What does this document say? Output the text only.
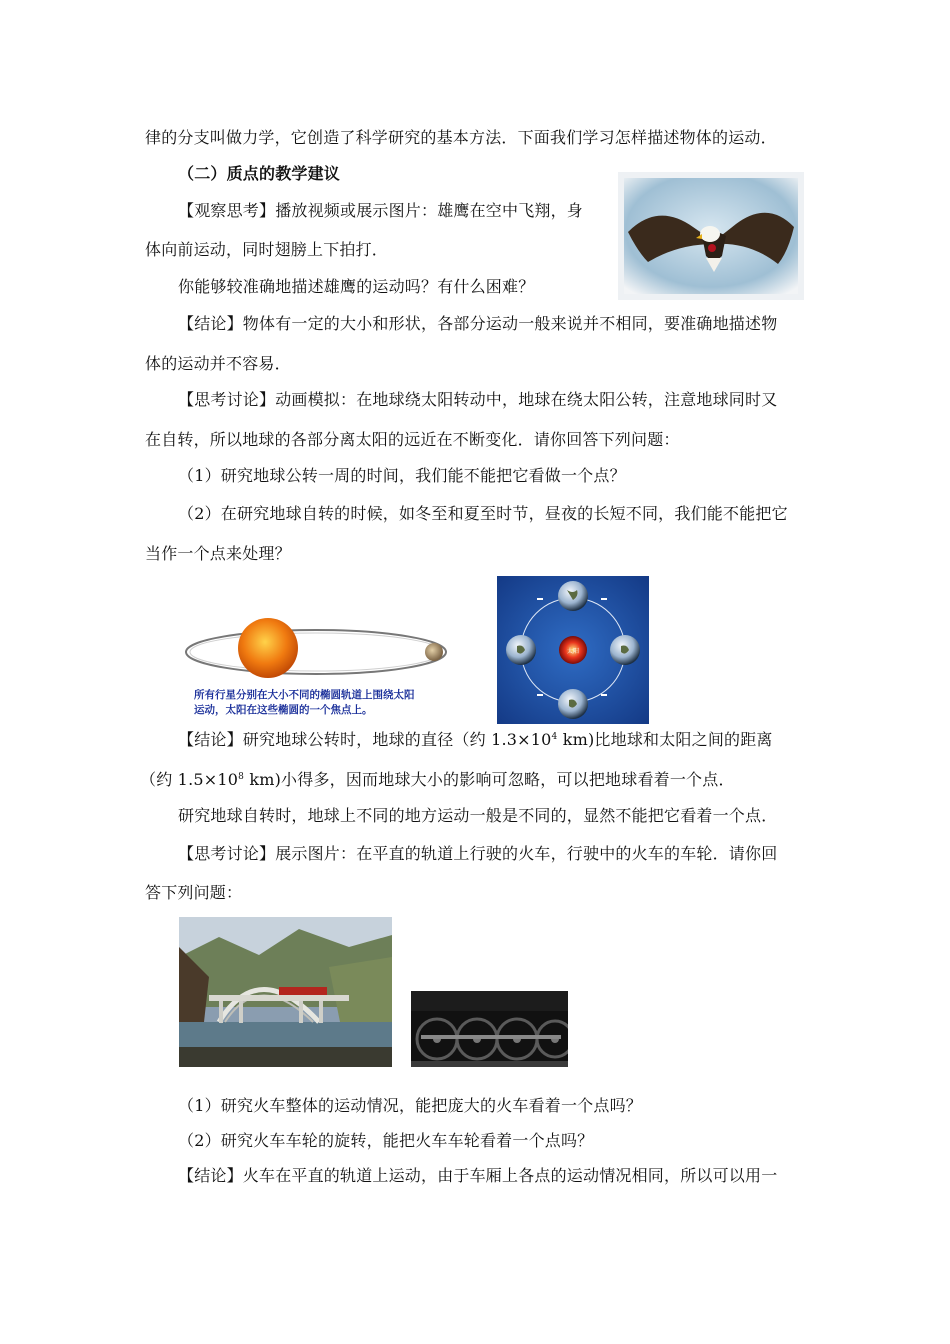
律的分支叫做力学，它创造了科学研究的基本方法．下面我们学习怎样描述物体的运动．
（二）质点的教学建议
【观察思考】播放视频或展示图片：雄鹰在空中飞翔，身
体向前运动，同时翅膀上下拍打．
你能够较准确地描述雄鹰的运动吗？有什么困难？
【结论】物体有一定的大小和形状，各部分运动一般来说并不相同，要准确地描述物
体的运动并不容易．
【思考讨论】动画模拟：在地球绕太阳转动中，地球在绕太阳公转，注意地球同时又
在自转，所以地球的各部分离太阳的远近在不断变化．请你回答下列问题：
（1）研究地球公转一周的时间，我们能不能把它看做一个点？
（2）在研究地球自转的时候，如冬至和夏至时节，昼夜的长短不同，我们能不能把它
当作一个点来处理？
所有行星分别在大小不同的椭圆轨道上围绕太阳
运动，太阳在这些椭圆的一个焦点上。
太阳
【结论】研究地球公转时，地球的直径（约 $1.3\times 10^4$ km)比地球和太阳之间的距离
（约 $1.5\times 10^8$ km)小得多，因而地球大小的影响可忽略，可以把地球看着一个点．
研究地球自转时，地球上不同的地方运动一般是不同的，显然不能把它看着一个点．
【思考讨论】展示图片：在平直的轨道上行驶的火车，行驶中的火车的车轮．请你回
答下列问题：
（1）研究火车整体的运动情况，能把庞大的火车看着一个点吗？
（2）研究火车车轮的旋转，能把火车车轮看着一个点吗？
【结论】火车在平直的轨道上运动，由于车厢上各点的运动情况相同，所以可以用一
